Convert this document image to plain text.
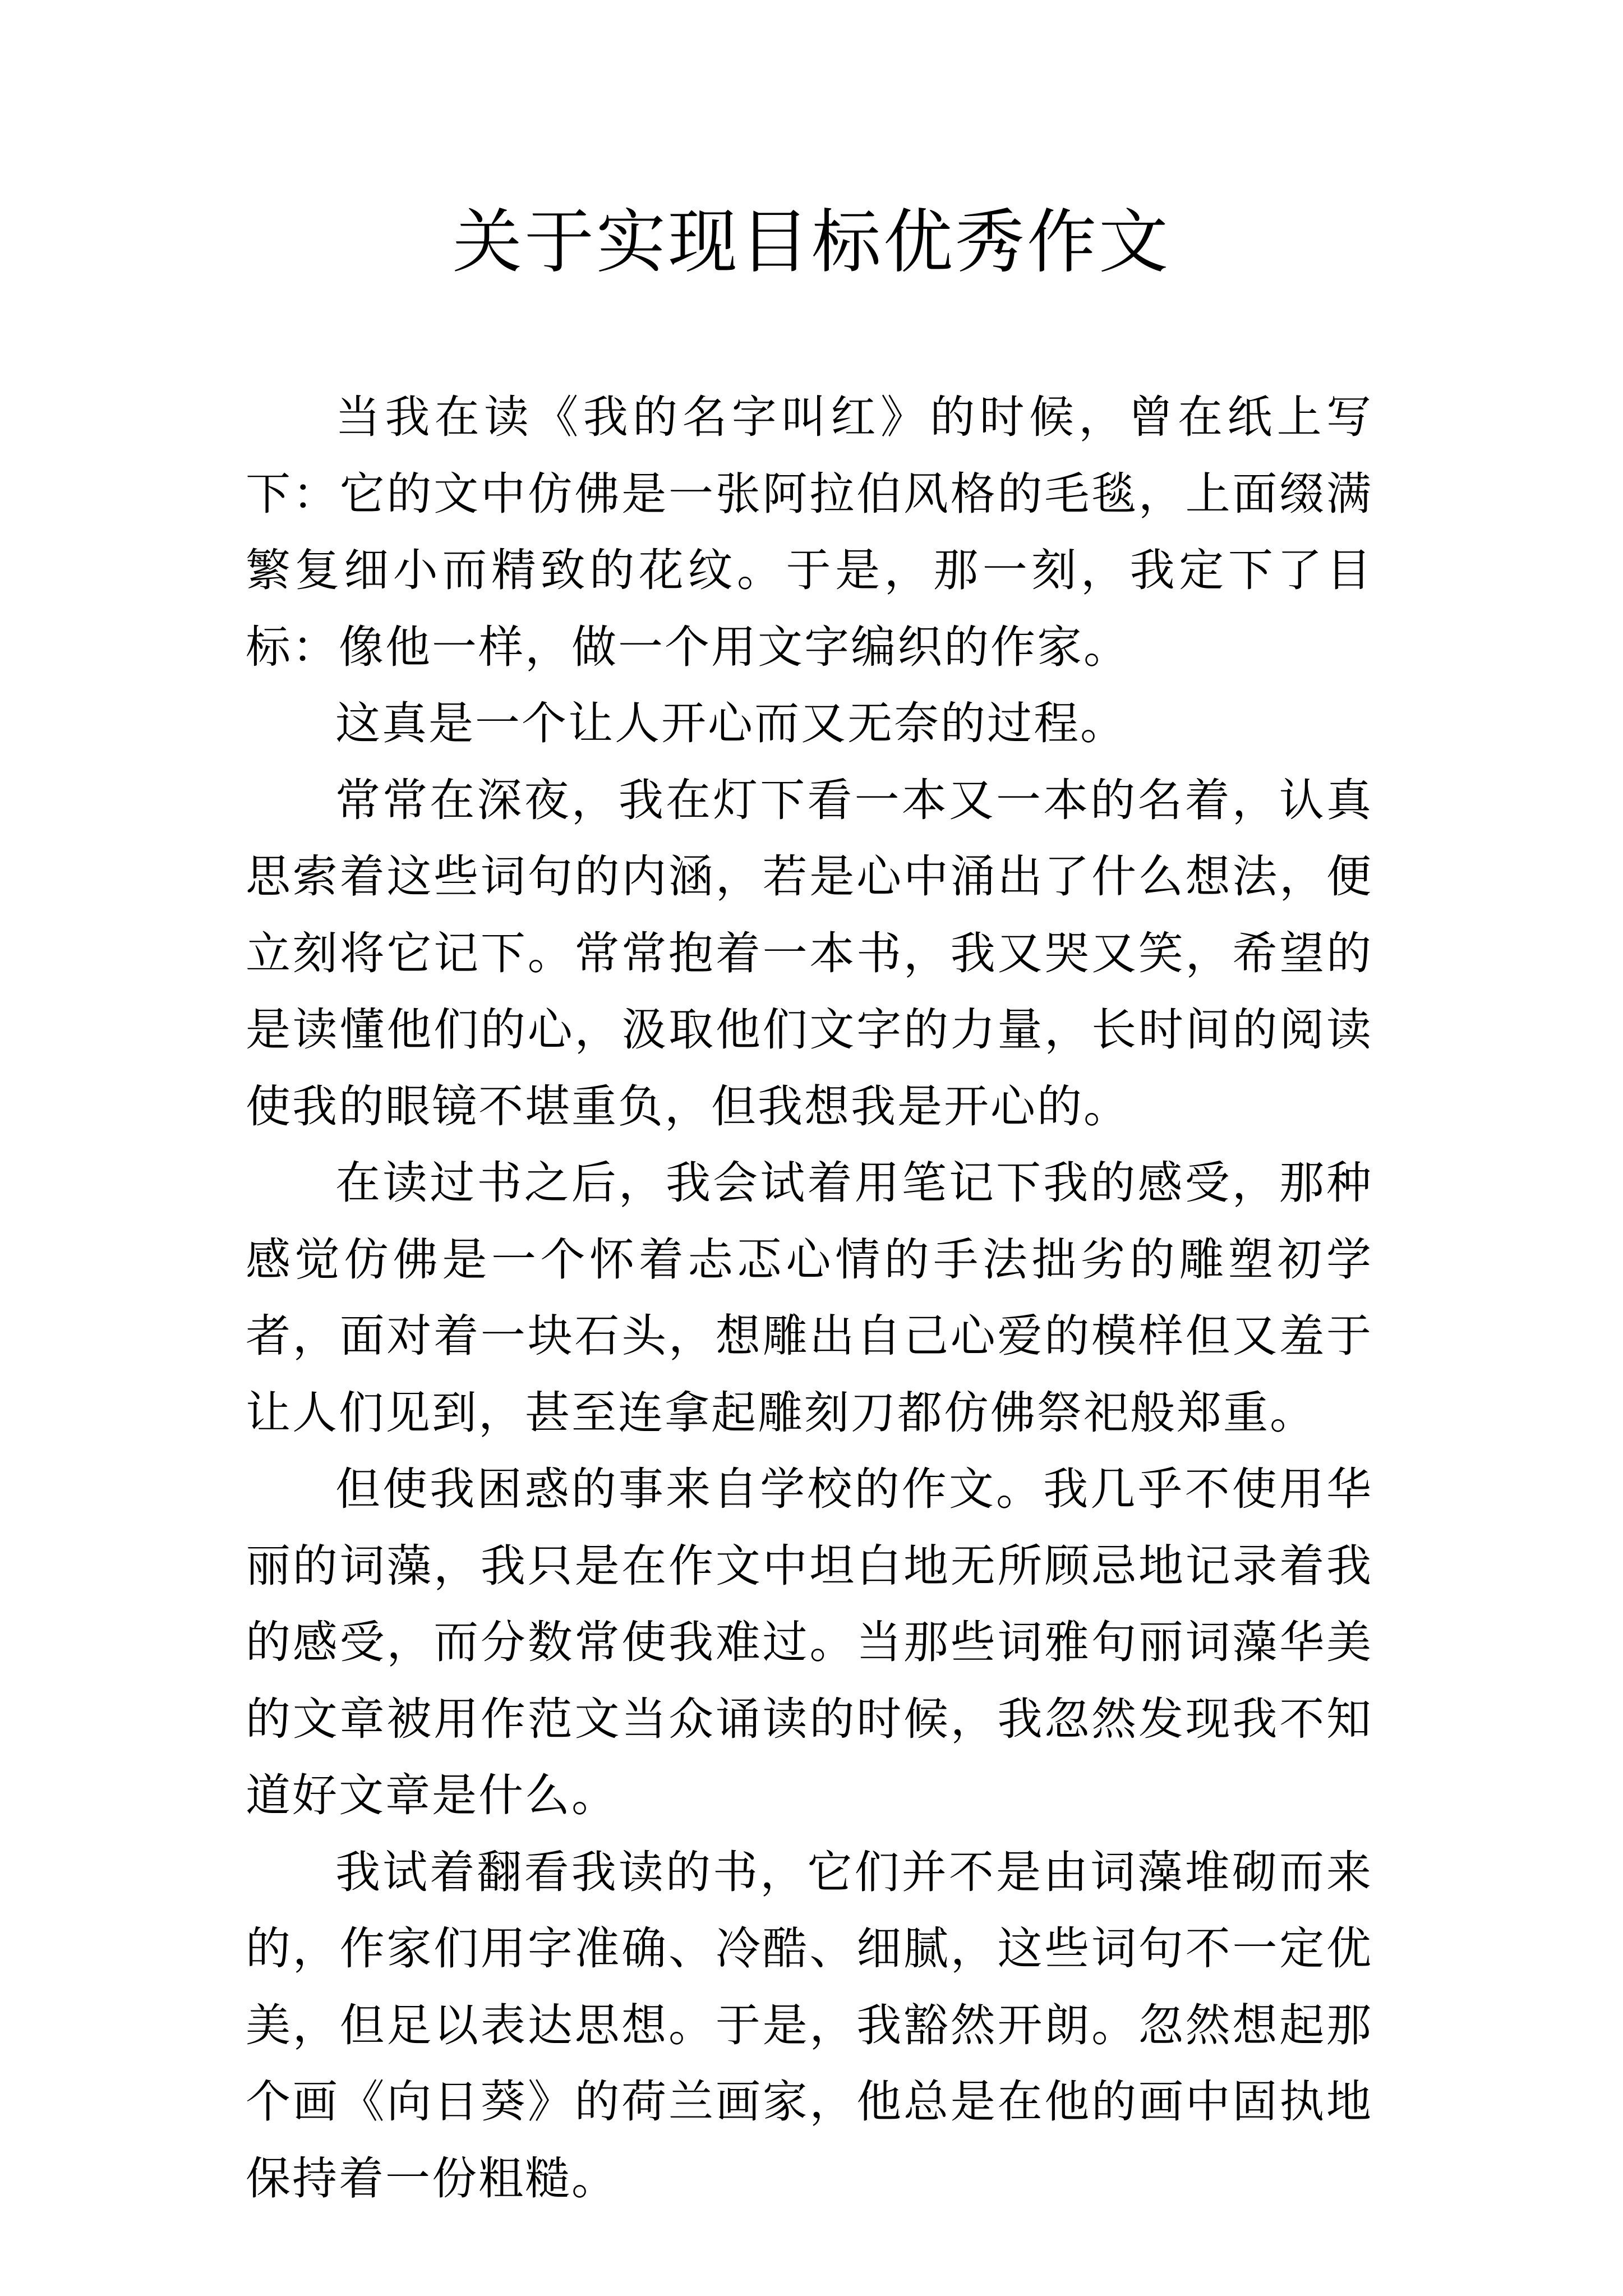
关于实现目标优秀作文

当我在读《我的名字叫红》的时候，曾在纸上写下：它的文中仿佛是一张阿拉伯风格的毛毯，上面缀满繁复细小而精致的花纹。于是，那一刻，我定下了目标：像他一样，做一个用文字编织的作家。

这真是一个让人开心而又无奈的过程。

常常在深夜，我在灯下看一本又一本的名着，认真思索着这些词句的内涵，若是心中涌出了什么想法，便立刻将它记下。常常抱着一本书，我又哭又笑，希望的是读懂他们的心，汲取他们文字的力量，长时间的阅读使我的眼镜不堪重负，但我想我是开心的。

在读过书之后，我会试着用笔记下我的感受，那种感觉仿佛是一个怀着忐忑心情的手法拙劣的雕塑初学者，面对着一块石头，想雕出自己心爱的模样但又羞于让人们见到，甚至连拿起雕刻刀都仿佛祭祀般郑重。

但使我困惑的事来自学校的作文。我几乎不使用华丽的词藻，我只是在作文中坦白地无所顾忌地记录着我的感受，而分数常使我难过。当那些词雅句丽词藻华美的文章被用作范文当众诵读的时候，我忽然发现我不知道好文章是什么。

我试着翻看我读的书，它们并不是由词藻堆砌而来的，作家们用字准确、冷酷、细腻，这些词句不一定优美，但足以表达思想。于是，我豁然开朗。忽然想起那个画《向日葵》的荷兰画家，他总是在他的画中固执地保持着一份粗糙。
